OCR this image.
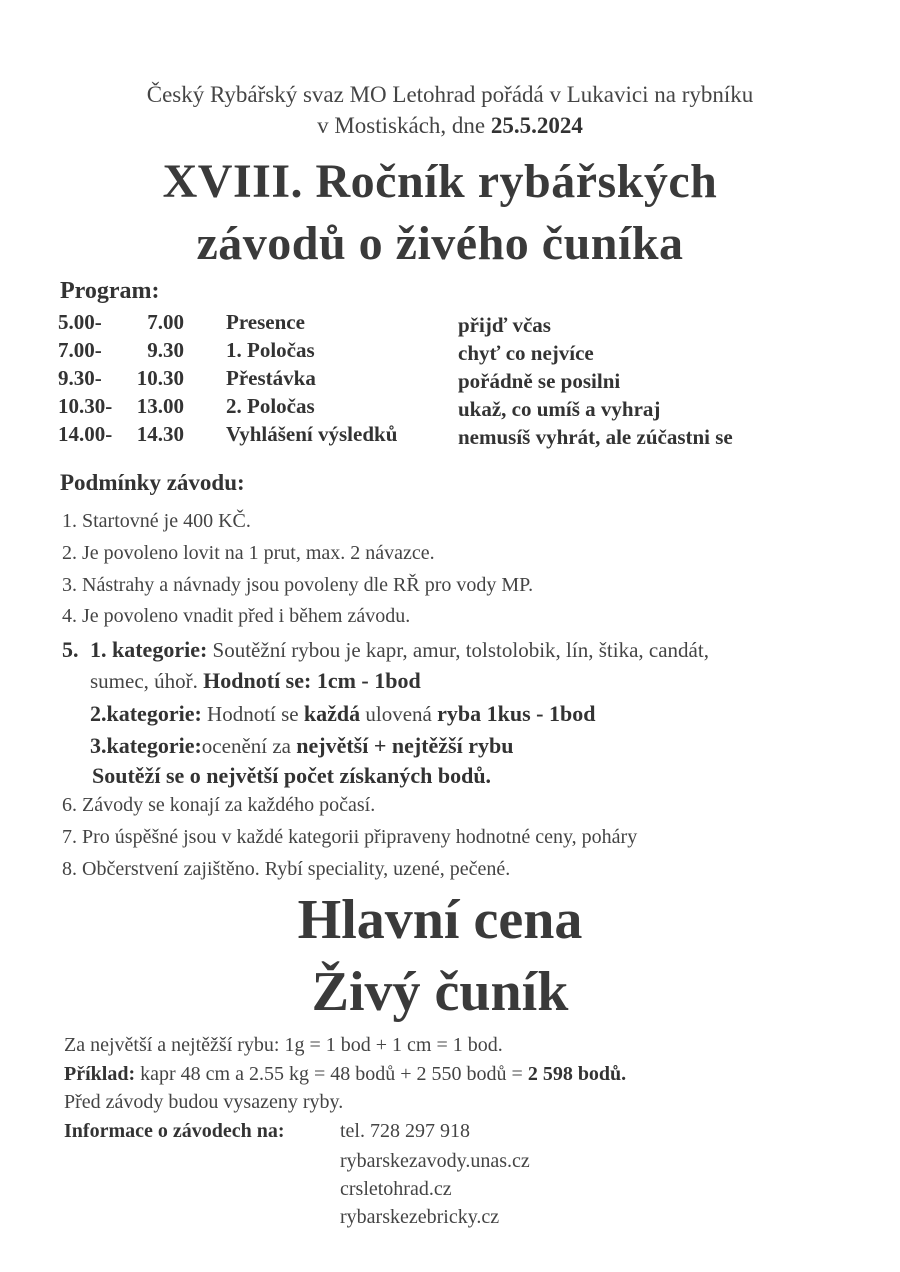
Český Rybářský svaz MO Letohrad pořádá v Lukavici na rybníku
v Mostiskách, dne 25.5.2024
XVIII. Ročník rybářských
závodů o živého čuníka
Program:
5.00- 7.00 Presence	přijď včas
7.00- 9.30 1. Poločas	chyť co nejvíce
9.30- 10.30 Přestávka	pořádně se posilni
10.30- 13.00 2. Poločas	ukaž, co umíš a vyhraj
14.00- 14.30 Vyhlášení výsledků	nemusíš vyhrát, ale zúčastni se
Podmínky závodu:
1. Startovné je 400 KČ.
2. Je povoleno lovit na 1 prut, max. 2 návazce.
3. Nástrahy a návnady jsou povoleny dle RŘ pro vody MP.
4. Je povoleno vnadit před i během závodu.
5. 1. kategorie: Soutěžní rybou je kapr, amur, tolstolobik, lín, štika, candát,
sumec, úhoř. Hodnotí se: 1cm - 1bod
2.kategorie: Hodnotí se každá ulovená ryba 1kus - 1bod
3.kategorie:ocenění za největší + nejtěžší rybu
Soutěží se o největší počet získaných bodů.
6. Závody se konají za každého počasí.
7. Pro úspěšné jsou v každé kategorii připraveny hodnotné ceny, poháry
8. Občerstvení zajištěno. Rybí speciality, uzené, pečené.
Hlavní cena
Živý čuník
Za největší a nejtěžší rybu: 1g = 1 bod + 1 cm = 1 bod.
Příklad: kapr 48 cm a 2.55 kg = 48 bodů + 2 550 bodů = 2 598 bodů.
Před závody budou vysazeny ryby.
Informace o závodech na:	tel. 728 297 918
rybarskezavody.unas.cz
crsletohrad.cz
rybarskezebricky.cz
